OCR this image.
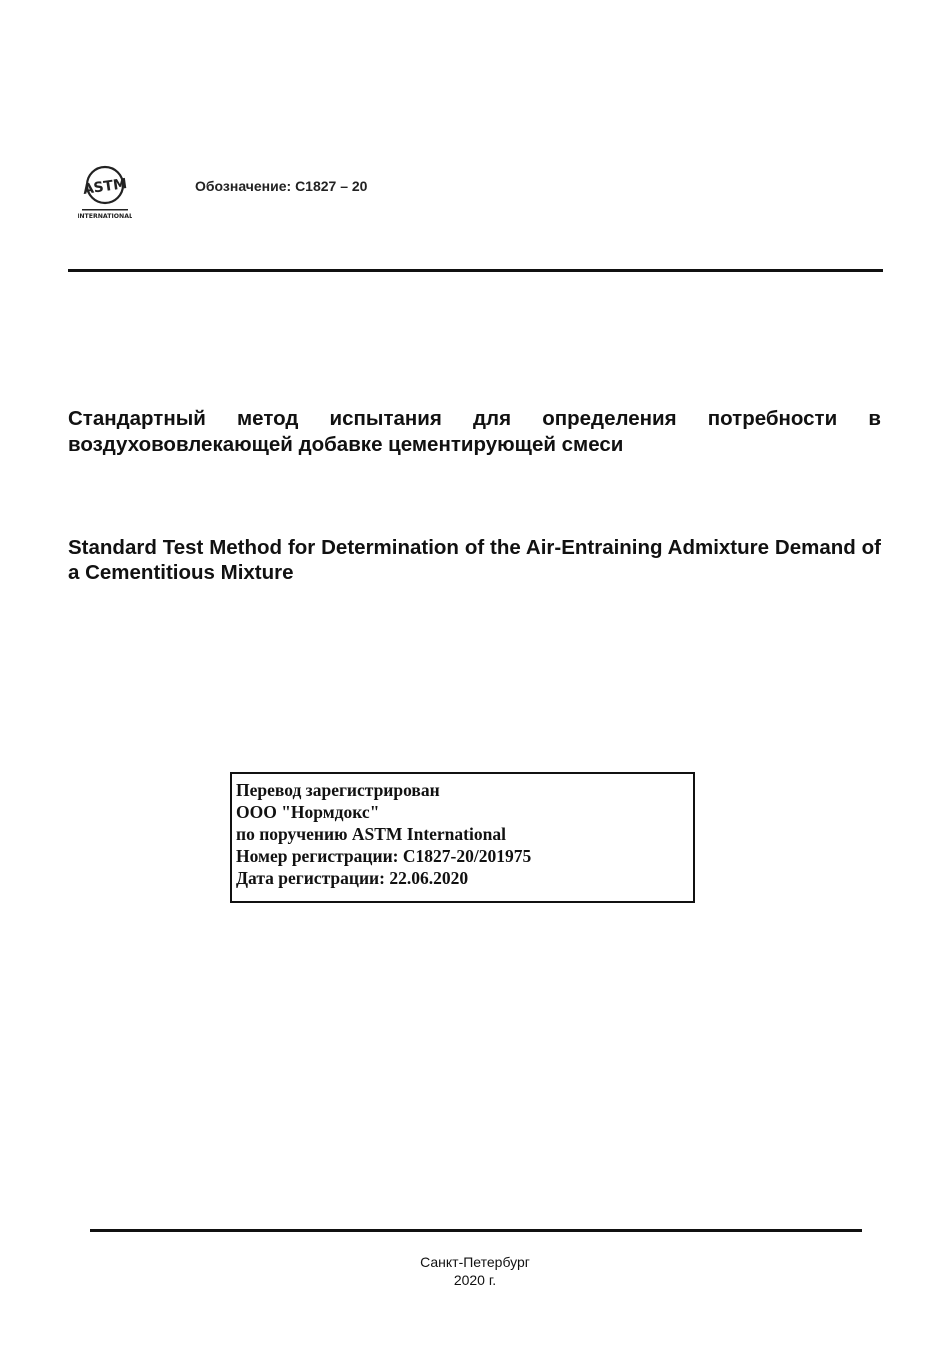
ASTM
INTERNATIONAL
Обозначение: C1827 – 20

Стандартный метод испытания для определения потребности в воздухововлекающей добавке цементирующей смеси

Standard Test Method for Determination of the Air-Entraining Admixture Demand of a Cementitious Mixture

Перевод зарегистрирован
ООО "Нормдокс"
по поручению ASTM International
Номер регистрации: C1827-20/201975
Дата регистрации: 22.06.2020
Санкт-Петербург
2020 г.
